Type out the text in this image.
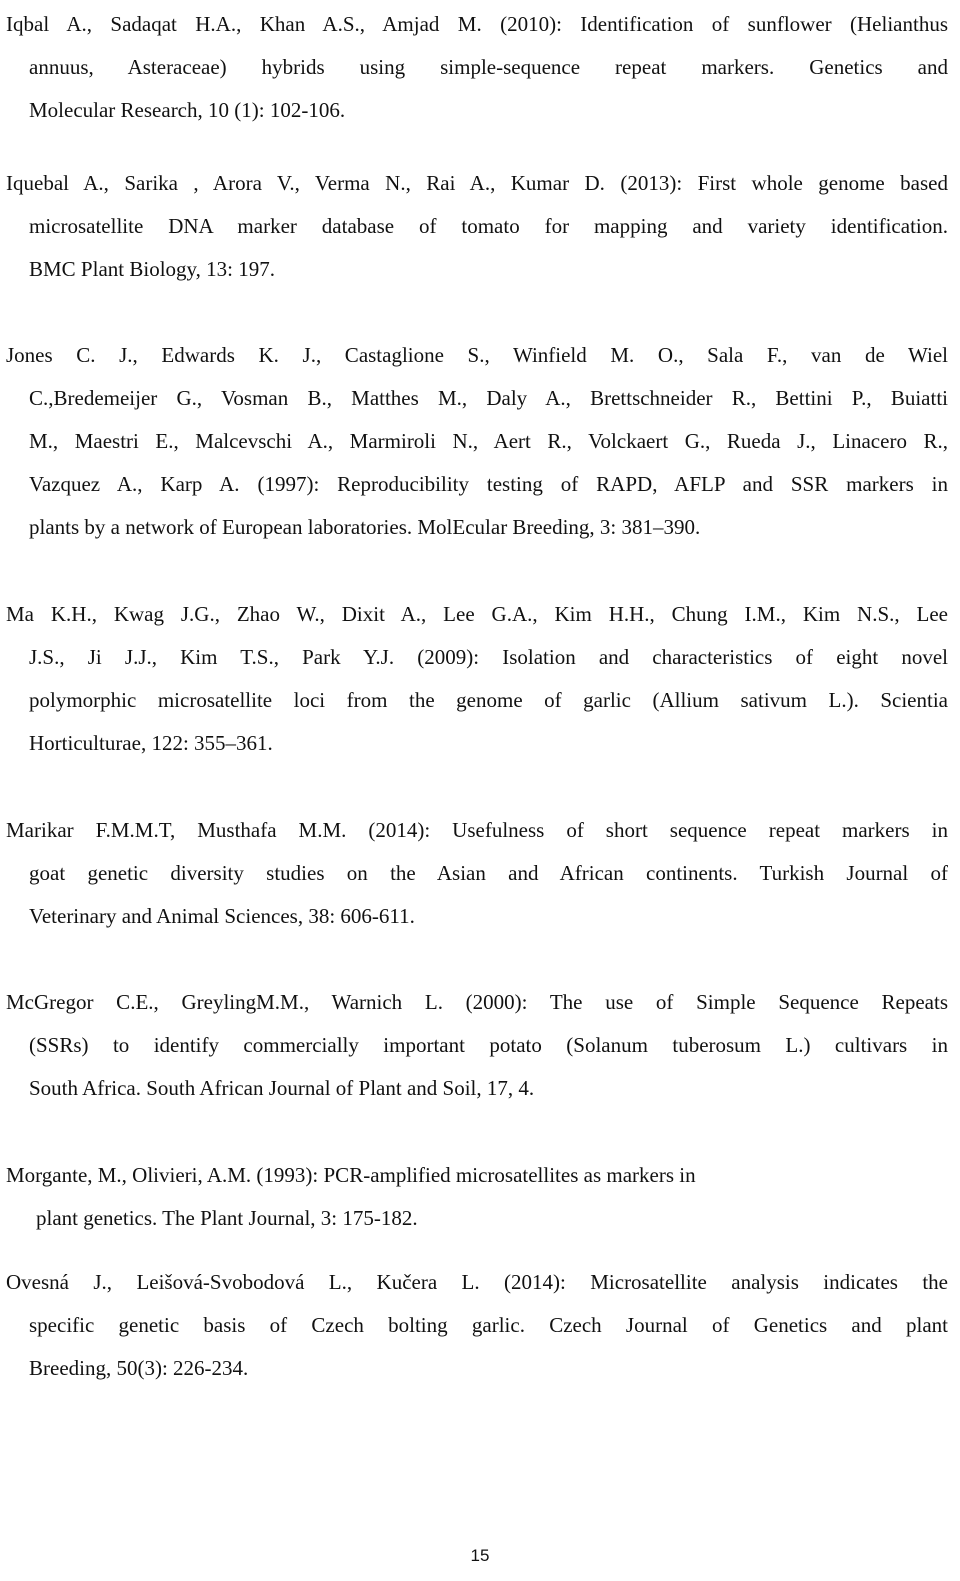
Iqbal A., Sadaqat H.A., Khan A.S., Amjad M. (2010): Identification of sunflower (Helianthus
annuus, Asteraceae) hybrids using simple-sequence repeat markers. Genetics and
Molecular Research, 10 (1): 102-106.
Iquebal A., Sarika , Arora V., Verma N., Rai A., Kumar D. (2013): First whole genome based
microsatellite DNA marker database of tomato for mapping and variety identification.
BMC Plant Biology, 13: 197.
Jones C. J., Edwards K. J., Castaglione S., Winfield M. O., Sala F., van de Wiel
C.,Bredemeijer G., Vosman B., Matthes M., Daly A., Brettschneider R., Bettini P., Buiatti
M., Maestri E., Malcevschi A., Marmiroli N., Aert R., Volckaert G., Rueda J., Linacero R.,
Vazquez A., Karp A. (1997): Reproducibility testing of RAPD, AFLP and SSR markers in
plants by a network of European laboratories. MolEcular Breeding, 3: 381–390.
Ma K.H., Kwag J.G., Zhao W., Dixit A., Lee G.A., Kim H.H., Chung I.M., Kim N.S., Lee
J.S., Ji J.J., Kim T.S., Park Y.J. (2009): Isolation and characteristics of eight novel
polymorphic microsatellite loci from the genome of garlic (Allium sativum L.). Scientia
Horticulturae, 122: 355–361.
Marikar F.M.M.T, Musthafa M.M. (2014): Usefulness of short sequence repeat markers in
goat genetic diversity studies on the Asian and African continents. Turkish Journal of
Veterinary and Animal Sciences, 38: 606-611.
McGregor C.E., GreylingM.M., Warnich L. (2000): The use of Simple Sequence Repeats
(SSRs) to identify commercially important potato (Solanum tuberosum L.) cultivars in
South Africa. South African Journal of Plant and Soil, 17, 4.
Morgante, M., Olivieri, A.M. (1993): PCR-amplified microsatellites as markers in
plant genetics. The Plant Journal, 3: 175-182.
Ovesná J., Leišová-Svobodová L., Kučera L. (2014): Microsatellite analysis indicates the
specific genetic basis of Czech bolting garlic. Czech Journal of Genetics and plant
Breeding, 50(3): 226-234.
15
